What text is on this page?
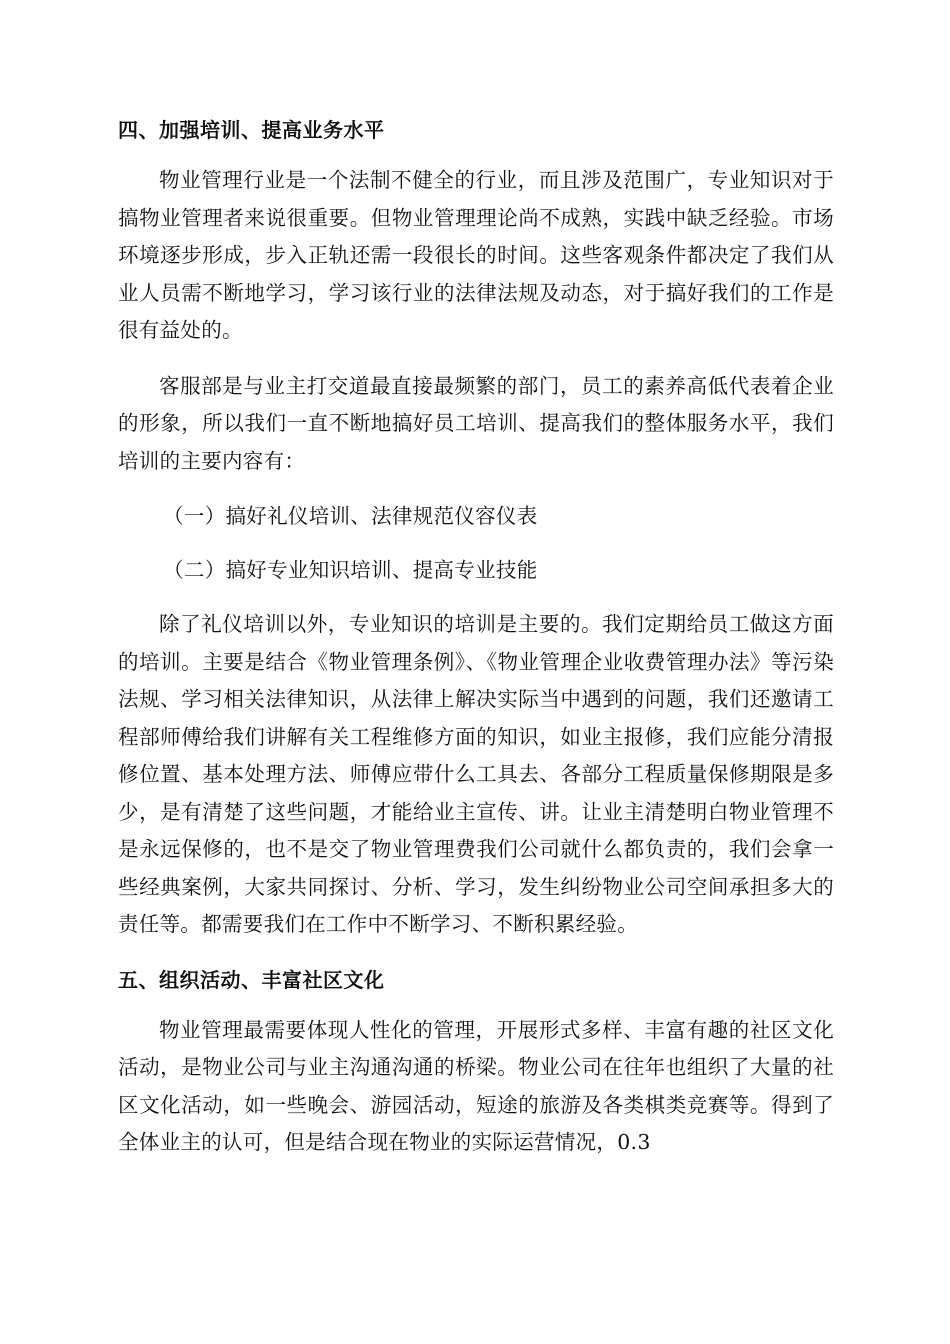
四、加强培训、提高业务水平

物业管理行业是一个法制不健全的行业，而且涉及范围广，专业知识对于搞物业管理者来说很重要。但物业管理理论尚不成熟，实践中缺乏经验。市场环境逐步形成，步入正轨还需一段很长的时间。这些客观条件都决定了我们从业人员需不断地学习，学习该行业的法律法规及动态，对于搞好我们的工作是很有益处的。

客服部是与业主打交道最直接最频繁的部门，员工的素养高低代表着企业的形象，所以我们一直不断地搞好员工培训、提高我们的整体服务水平，我们培训的主要内容有：

（一）搞好礼仪培训、法律规范仪容仪表
（二）搞好专业知识培训、提高专业技能

除了礼仪培训以外，专业知识的培训是主要的。我们定期给员工做这方面的培训。主要是结合《物业管理条例》、《物业管理企业收费管理办法》等污染法规、学习相关法律知识，从法律上解决实际当中遇到的问题，我们还邀请工程部师傅给我们讲解有关工程维修方面的知识，如业主报修，我们应能分清报修位置、基本处理方法、师傅应带什么工具去、各部分工程质量保修期限是多少，是有清楚了这些问题，才能给业主宣传、讲。让业主清楚明白物业管理不是永远保修的，也不是交了物业管理费我们公司就什么都负责的，我们会拿一些经典案例，大家共同探讨、分析、学习，发生纠纷物业公司空间承担多大的责任等。都需要我们在工作中不断学习、不断积累经验。

五、组织活动、丰富社区文化

物业管理最需要体现人性化的管理，开展形式多样、丰富有趣的社区文化活动，是物业公司与业主沟通沟通的桥梁。物业公司在往年也组织了大量的社区文化活动，如一些晚会、游园活动，短途的旅游及各类棋类竞赛等。得到了全体业主的认可，但是结合现在物业的实际运营情况，0.3
